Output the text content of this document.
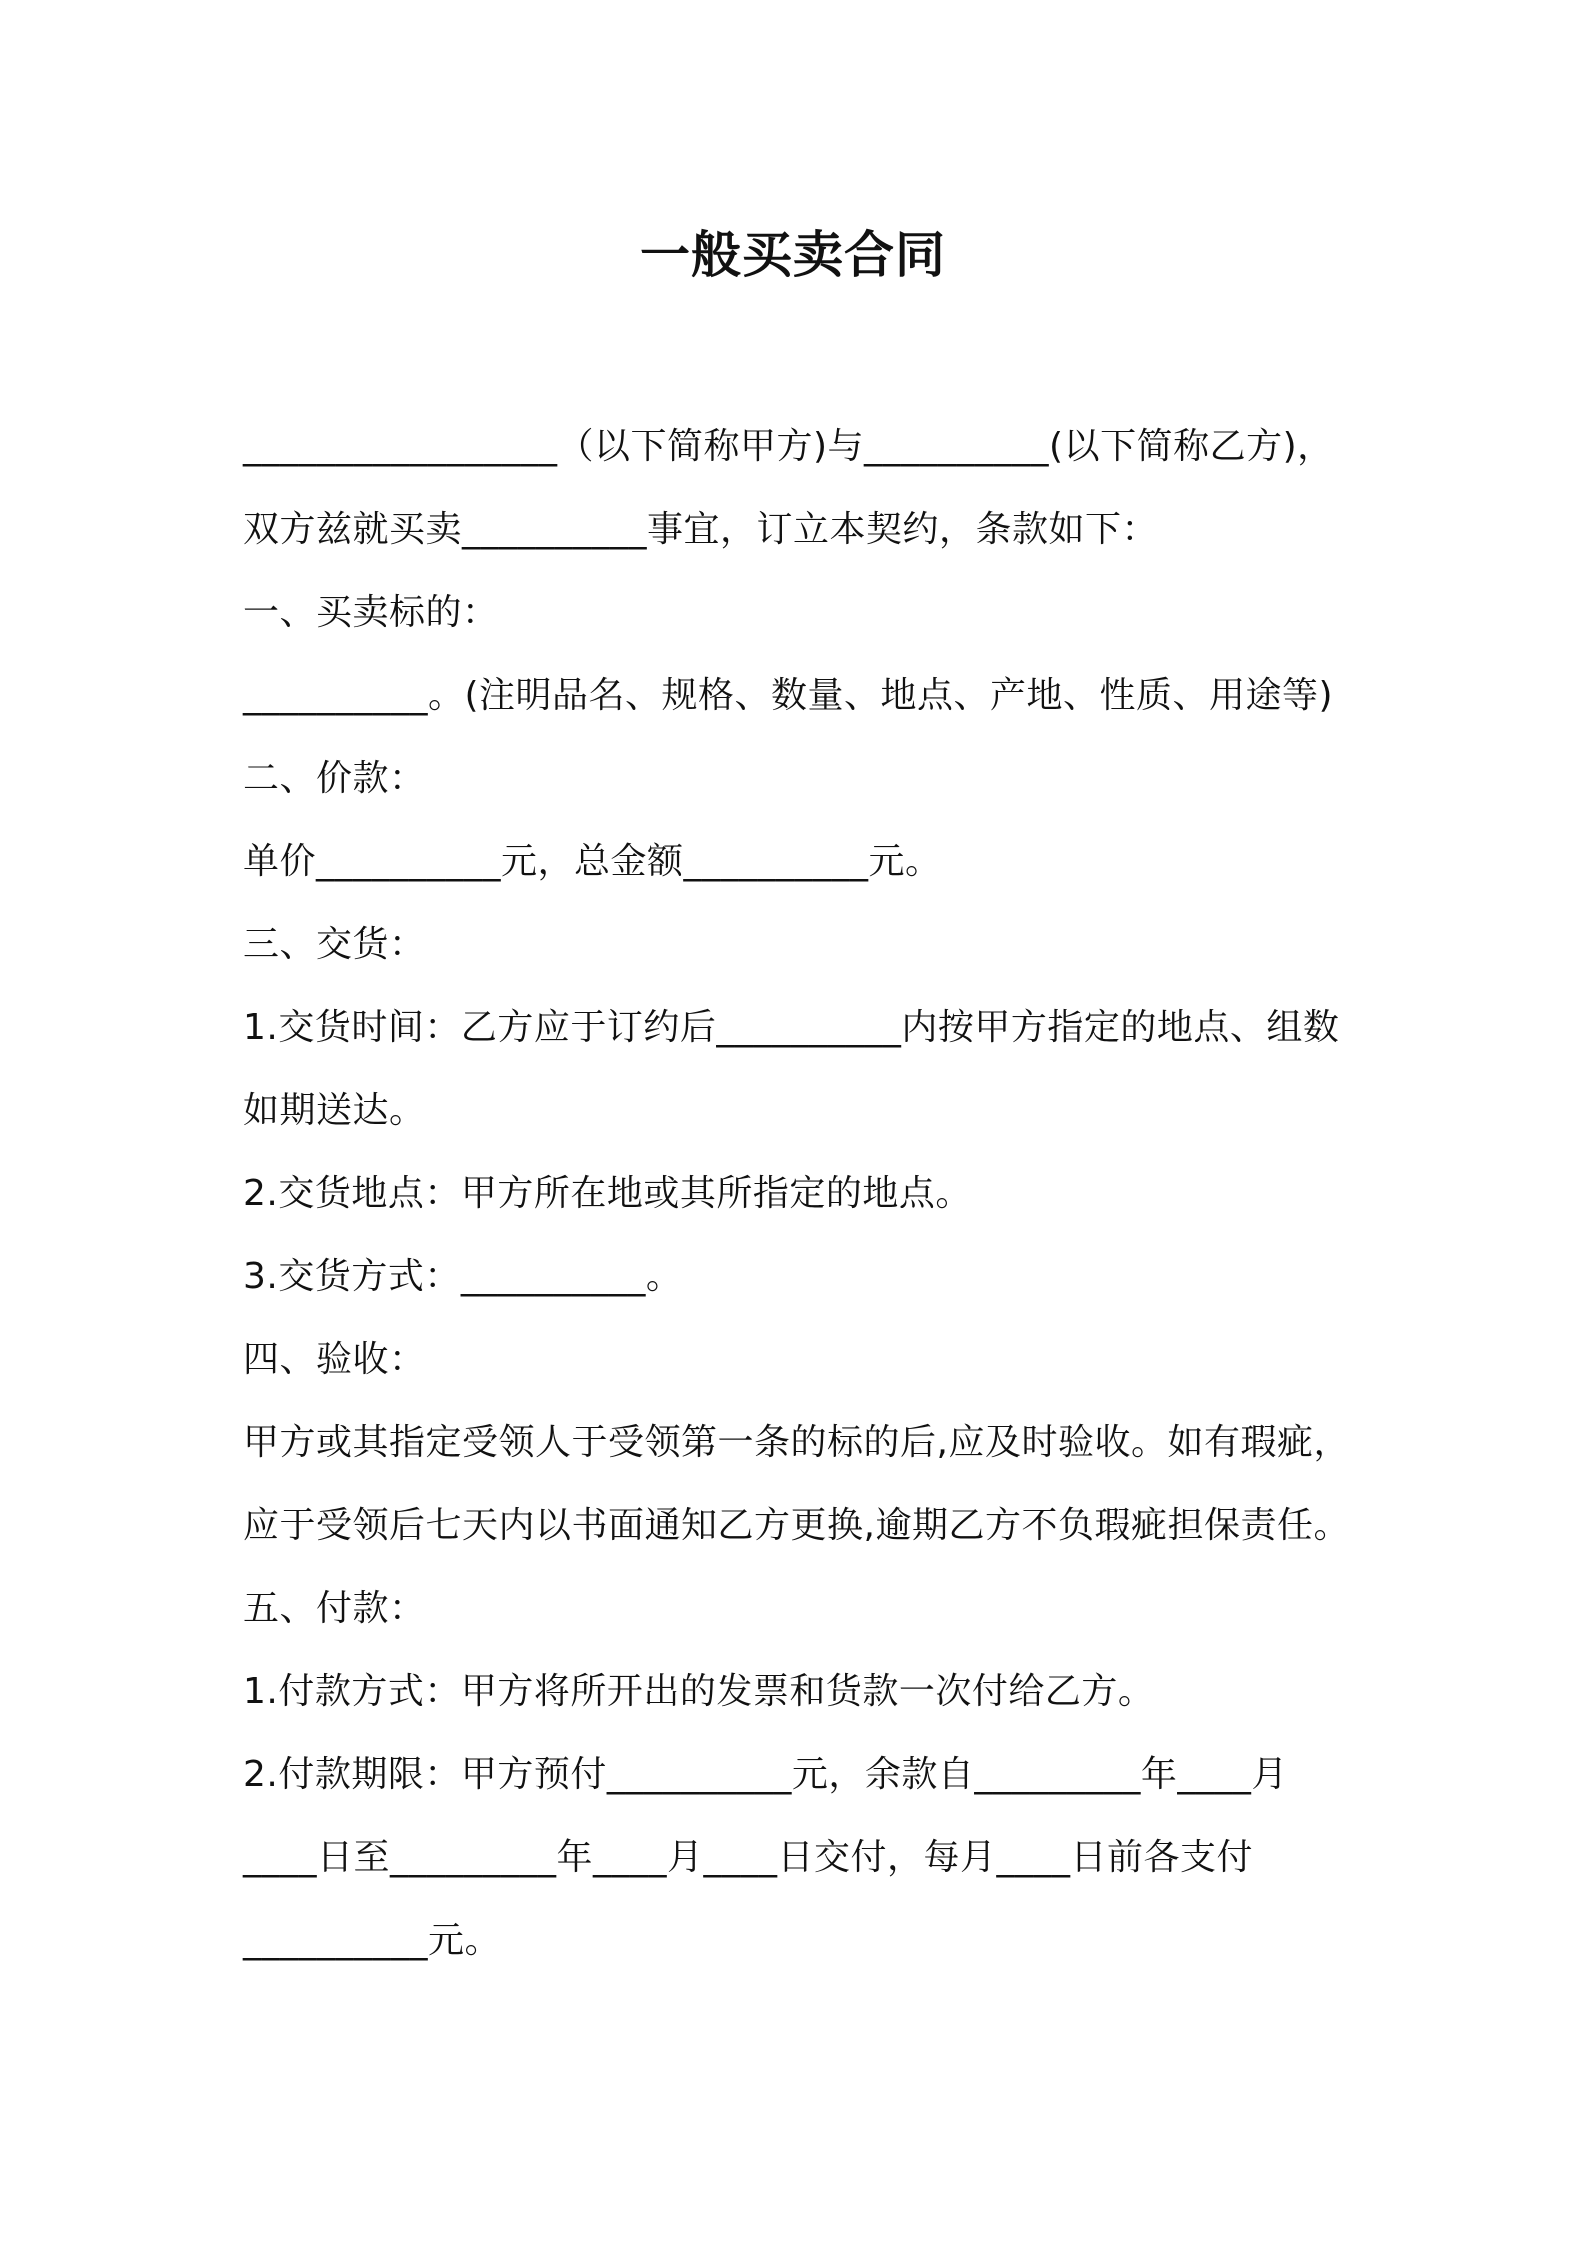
一般买卖合同
_________________（以下简称甲方)与__________(以下简称乙方)，
双方兹就买卖__________事宜，订立本契约，条款如下：
一、买卖标的：
__________。(注明品名、规格、数量、地点、产地、性质、用途等)
二、价款：
单价__________元，总金额__________元。
三、交货：
1.交货时间：乙方应于订约后__________内按甲方指定的地点、组数
如期送达。
2.交货地点：甲方所在地或其所指定的地点。
3.交货方式：__________。
四、验收：
甲方或其指定受领人于受领第一条的标的后,应及时验收。如有瑕疵，
应于受领后七天内以书面通知乙方更换,逾期乙方不负瑕疵担保责任。
五、付款：
1.付款方式：甲方将所开出的发票和货款一次付给乙方。
2.付款期限：甲方预付__________元，余款自_________年____月
____日至_________年____月____日交付，每月____日前各支付
__________元。
